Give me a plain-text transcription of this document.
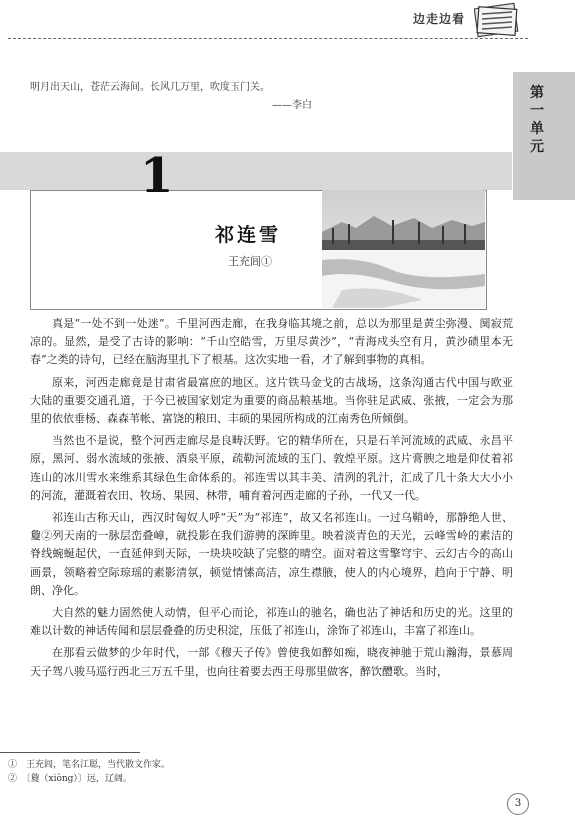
边走边看
第一单元
明月出天山，苍茫云海间。长风几万里，吹度玉门关。
——李白
1
祁连雪
王充闾①

真是“一处不到一处迷”。千里河西走廊，在我身临其境之前，总以为那里是黄尘弥漫、阒寂荒凉的。显然，是受了古诗的影响：“千山空皓雪，万里尽黄沙”，“青海戍头空有月，黄沙碛里本无春”之类的诗句，已经在脑海里扎下了根基。这次实地一看，才了解到事物的真相。

原来，河西走廊竟是甘肃省最富庶的地区。这片铁马金戈的古战场，这条沟通古代中国与欧亚大陆的重要交通孔道，于今已被国家划定为重要的商品粮基地。当你驻足武威、张掖，一定会为那里的依依垂杨、森森苇帐、富饶的粮田、丰硕的果园所构成的江南秀色所倾倒。

当然也不是说，整个河西走廊尽是良畴沃野。它的精华所在，只是石羊河流域的武威、永昌平原，黑河、弱水流域的张掖、酒泉平原，疏勒河流域的玉门、敦煌平原。这片膏腴之地是仰仗着祁连山的冰川雪水来维系其绿色生命体系的。祁连雪以其丰美、清洌的乳汁，汇成了几十条大大小小的河流，灌溉着农田、牧场、果园、林带，哺育着河西走廊的子孙，一代又一代。

祁连山古称天山，西汉时匈奴人呼“天”为“祁连”，故又名祁连山。一过乌鞘岭，那静绝人世、敻②列天南的一脉层峦叠嶂，就投影在我们游骋的深眸里。映着淡青色的天光，云峰雪岭的素洁的脊线蜿蜒起伏，一直延伸到天际，一块块咬缺了完整的晴空。面对着这雪擎穹宇、云幻古今的高山画景，领略着空际琼瑶的素影清氛，顿觉情愫高洁，凉生襟腋，使人的内心境界，趋向于宁静、明朗、净化。

大自然的魅力固然使人动情，但平心而论，祁连山的驰名，确也沾了神话和历史的光。这里的难以计数的神话传闻和层层叠叠的历史积淀，压低了祁连山，涂饰了祁连山，丰富了祁连山。

在那看云做梦的少年时代，一部《穆天子传》曾使我如醉如痴，晓夜神驰于荒山瀚海，景慕周天子驾八骏马巡行西北三万五千里，也向往着要去西王母那里做客，醉饮醴歌。当时，

①　王充闾，笔名江聪，当代散文作家。
②　〔敻（xiòng）〕远，辽阔。
3
